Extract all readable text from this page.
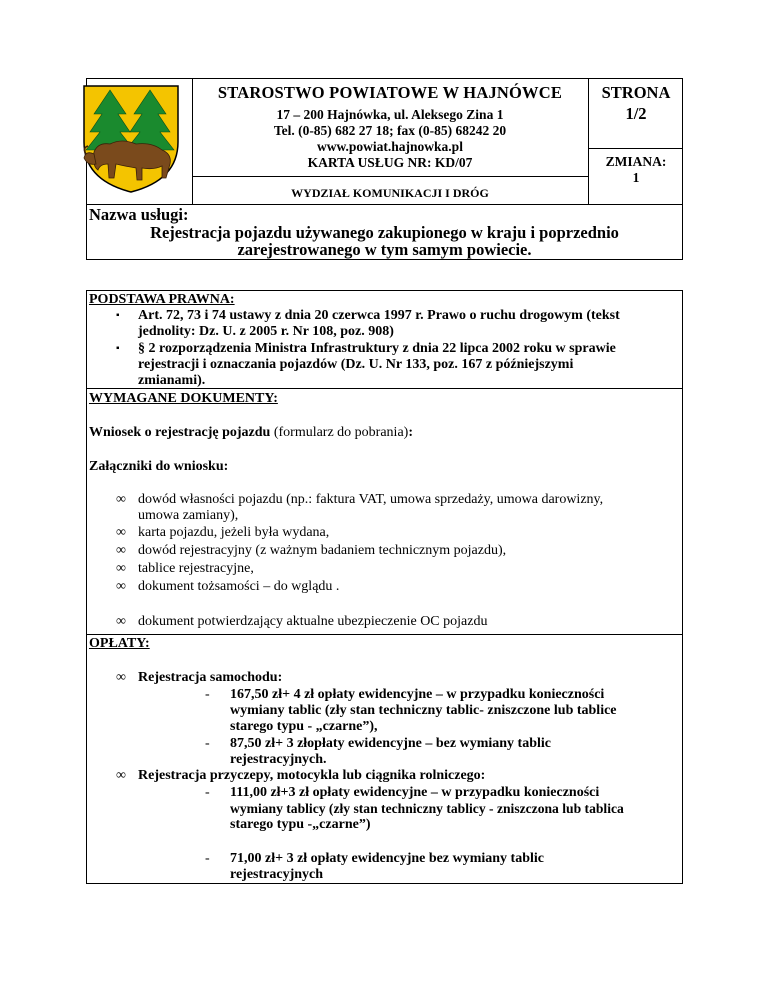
STAROSTWO POWIATOWE W HAJNÓWCE
17 – 200 Hajnówka, ul. Aleksego Zina 1
Tel. (0-85) 682 27 18; fax (0-85) 68242 20
www.powiat.hajnowka.pl
KARTA USŁUG NR: KD/07
WYDZIAŁ KOMUNIKACJI I DRÓG
STRONA
1/2
ZMIANA:
1
Nazwa usługi:
Rejestracja pojazdu używanego zakupionego w kraju i poprzednio
zarejestrowanego w tym samym powiecie.
PODSTAWA PRAWNA:
▪ Art. 72, 73 i 74 ustawy z dnia 20 czerwca 1997 r. Prawo o ruchu drogowym (tekst
jednolity: Dz. U. z 2005 r. Nr 108, poz. 908)
▪ § 2 rozporządzenia Ministra Infrastruktury z dnia 22 lipca 2002 roku w sprawie
rejestracji i oznaczania pojazdów (Dz. U. Nr 133, poz. 167 z późniejszymi
zmianami).
WYMAGANE DOKUMENTY:
Wniosek o rejestrację pojazdu (formularz do pobrania):
Załączniki do wniosku:
∞ dowód własności pojazdu (np.: faktura VAT, umowa sprzedaży, umowa darowizny,
umowa zamiany),
∞ karta pojazdu, jeżeli była wydana,
∞ dowód rejestracyjny (z ważnym badaniem technicznym pojazdu),
∞ tablice rejestracyjne,
∞ dokument tożsamości – do wglądu .
∞ dokument potwierdzający aktualne ubezpieczenie OC pojazdu
OPŁATY:
∞ Rejestracja samochodu:
- 167,50 zł+ 4 zł opłaty ewidencyjne – w przypadku konieczności
wymiany tablic (zły stan techniczny tablic- zniszczone lub tablice
starego typu - „czarne”),
- 87,50 zł+ 3 złopłaty ewidencyjne – bez wymiany tablic
rejestracyjnych.
∞ Rejestracja przyczepy, motocykla lub ciągnika rolniczego:
- 111,00 zł+3 zł opłaty ewidencyjne – w przypadku konieczności
wymiany tablicy (zły stan techniczny tablicy - zniszczona lub tablica
starego typu -„czarne”)
- 71,00 zł+ 3 zł opłaty ewidencyjne bez wymiany tablic
rejestracyjnych
